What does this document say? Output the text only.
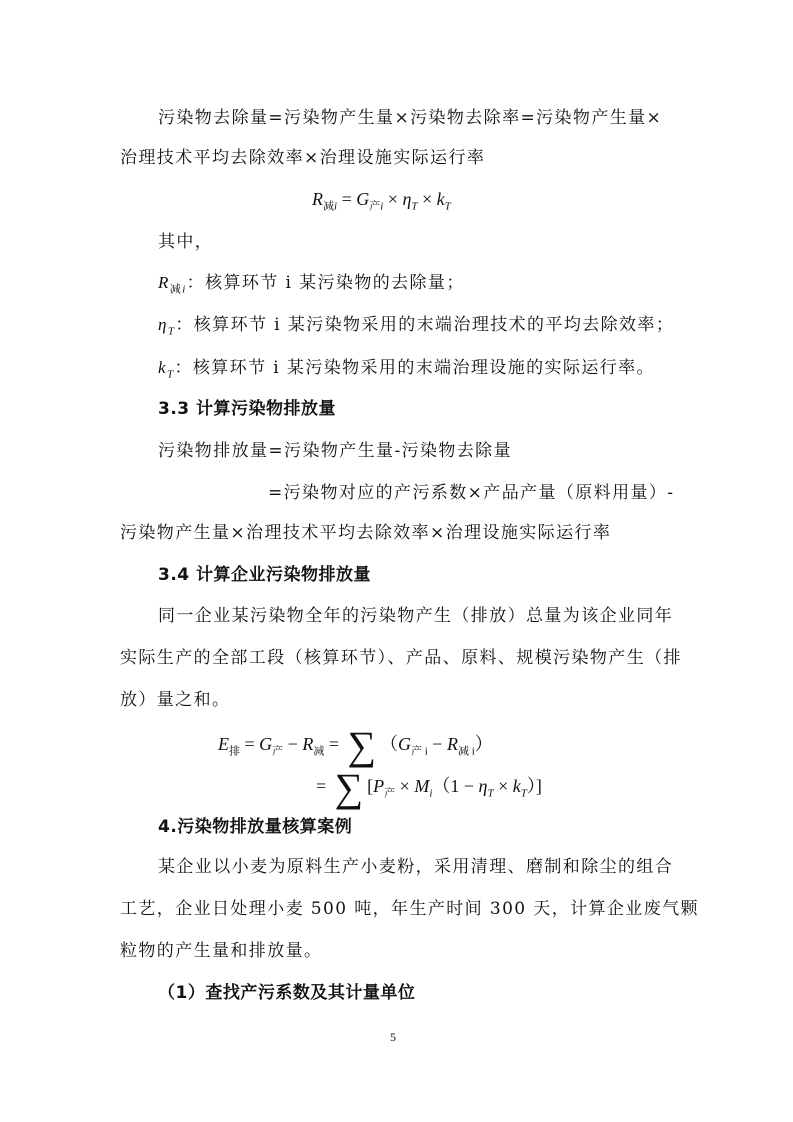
污染物去除量=污染物产生量×污染物去除率=污染物产生量×
治理技术平均去除效率×治理设施实际运行率
$R_{减i} = G_{产i} \times \eta_T \times k_T$
其中，
$R_{减i}$：核算环节 i 某污染物的去除量；
$\eta_T$：核算环节 i 某污染物采用的末端治理技术的平均去除效率；
$k_T$：核算环节 i 某污染物采用的末端治理设施的实际运行率。
3.3 计算污染物排放量
污染物排放量=污染物产生量-污染物去除量
=污染物对应的产污系数×产品产量（原料用量）-
污染物产生量×治理技术平均去除效率×治理设施实际运行率
3.4 计算企业污染物排放量
同一企业某污染物全年的污染物产生（排放）总量为该企业同年
实际生产的全部工段（核算环节）、产品、原料、规模污染物产生（排
放）量之和。
$E_排 = G_产 - R_减$ = ∑ $(G_{产 i} - R_{减 i})$
= ∑ $[P_产 \times M_i(1 - \eta_T \times k_T)]$
4.污染物排放量核算案例
某企业以小麦为原料生产小麦粉，采用清理、磨制和除尘的组合
工艺，企业日处理小麦 500 吨，年生产时间 300 天，计算企业废气颗
粒物的产生量和排放量。
（1）查找产污系数及其计量单位
5
